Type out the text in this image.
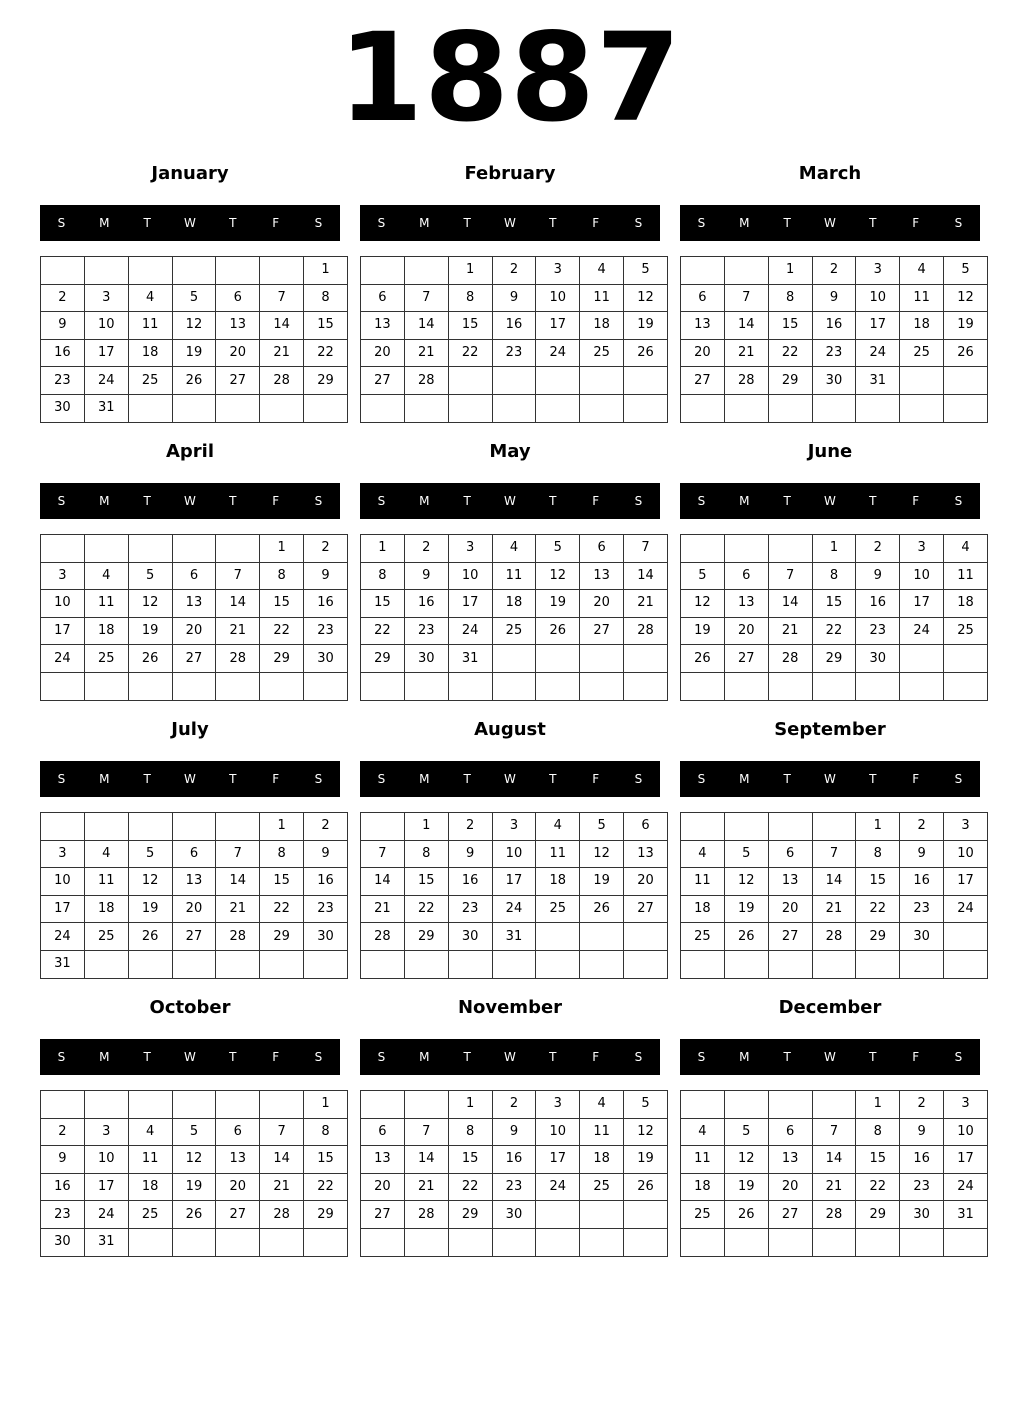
1887
January
S	M	T	W	T	F	S
						1
2	3	4	5	6	7	8
9	10	11	12	13	14	15
16	17	18	19	20	21	22
23	24	25	26	27	28	29
30	31					
February
S	M	T	W	T	F	S
		1	2	3	4	5
6	7	8	9	10	11	12
13	14	15	16	17	18	19
20	21	22	23	24	25	26
27	28					

March
S	M	T	W	T	F	S
		1	2	3	4	5
6	7	8	9	10	11	12
13	14	15	16	17	18	19
20	21	22	23	24	25	26
27	28	29	30	31		

April
S	M	T	W	T	F	S
					1	2
3	4	5	6	7	8	9
10	11	12	13	14	15	16
17	18	19	20	21	22	23
24	25	26	27	28	29	30

May
S	M	T	W	T	F	S
1	2	3	4	5	6	7
8	9	10	11	12	13	14
15	16	17	18	19	20	21
22	23	24	25	26	27	28
29	30	31				

June
S	M	T	W	T	F	S
			1	2	3	4
5	6	7	8	9	10	11
12	13	14	15	16	17	18
19	20	21	22	23	24	25
26	27	28	29	30		

July
S	M	T	W	T	F	S
					1	2
3	4	5	6	7	8	9
10	11	12	13	14	15	16
17	18	19	20	21	22	23
24	25	26	27	28	29	30
31						
August
S	M	T	W	T	F	S
	1	2	3	4	5	6
7	8	9	10	11	12	13
14	15	16	17	18	19	20
21	22	23	24	25	26	27
28	29	30	31			

September
S	M	T	W	T	F	S
				1	2	3
4	5	6	7	8	9	10
11	12	13	14	15	16	17
18	19	20	21	22	23	24
25	26	27	28	29	30	

October
S	M	T	W	T	F	S
						1
2	3	4	5	6	7	8
9	10	11	12	13	14	15
16	17	18	19	20	21	22
23	24	25	26	27	28	29
30	31					
November
S	M	T	W	T	F	S
		1	2	3	4	5
6	7	8	9	10	11	12
13	14	15	16	17	18	19
20	21	22	23	24	25	26
27	28	29	30			

December
S	M	T	W	T	F	S
				1	2	3
4	5	6	7	8	9	10
11	12	13	14	15	16	17
18	19	20	21	22	23	24
25	26	27	28	29	30	31
